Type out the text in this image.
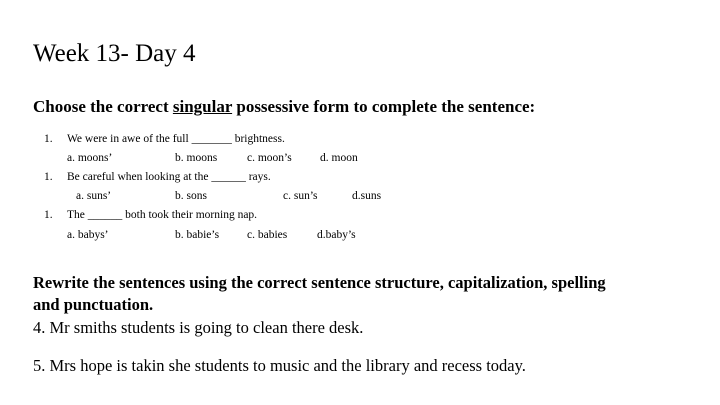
Week 13- Day 4
Choose the correct singular possessive form to complete the sentence:
1. We were in awe of the full _______ brightness.
a. moons’	b. moons	c. moon’s d. moon
1. Be careful when looking at the ______ rays.
a. suns’	b. sons	c. sun’s	d.suns
1. The ______ both took their morning nap.
a. babys’	b. babie’s c. babies	d.baby’s
Rewrite the sentences using the correct sentence structure, capitalization, spelling
and punctuation.
4. Mr smiths students is going to clean there desk.
5. Mrs hope is takin she students to music and the library and recess today.
